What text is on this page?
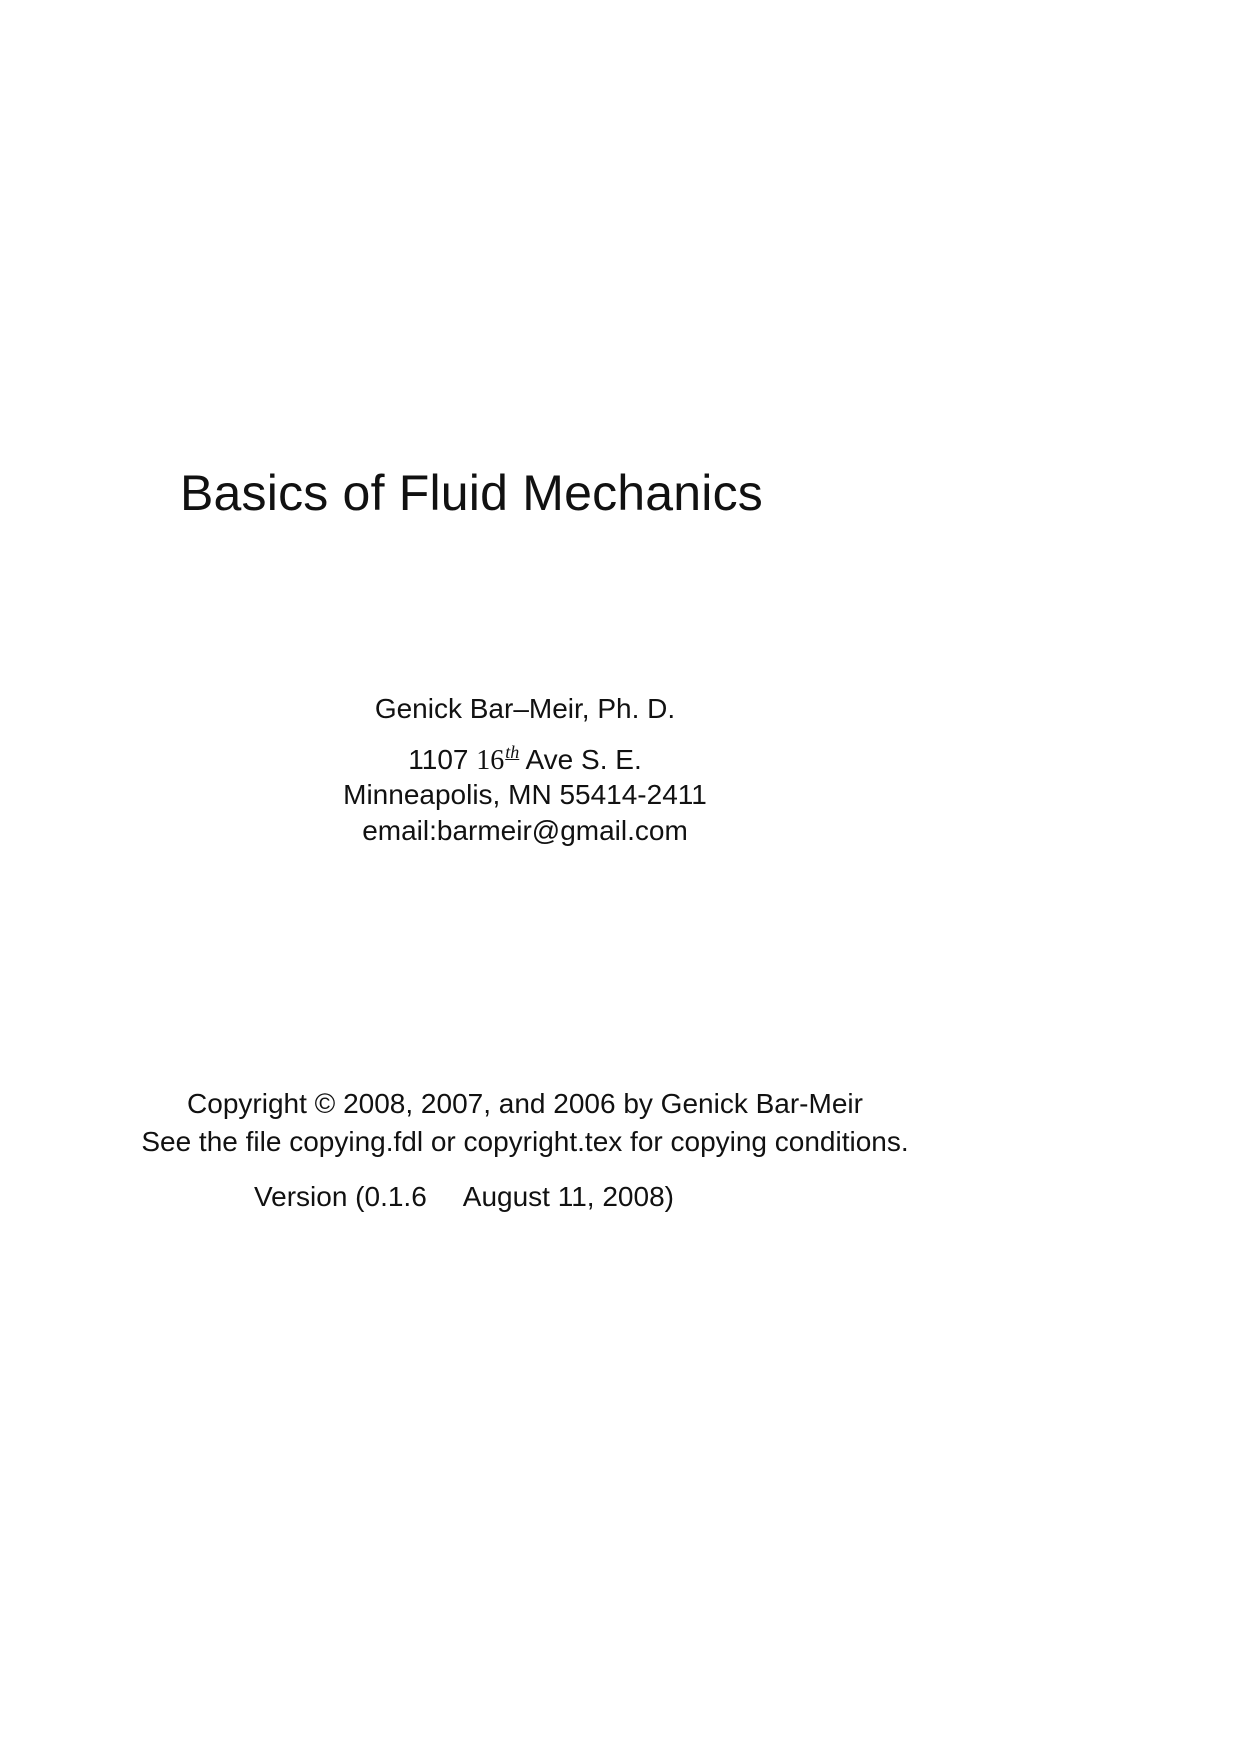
Basics of Fluid Mechanics
Genick Bar–Meir, Ph. D.
1107 16th Ave S. E.
Minneapolis, MN 55414-2411
email:barmeir@gmail.com
Copyright © 2008, 2007, and 2006 by Genick Bar-Meir
See the file copying.fdl or copyright.tex for copying conditions.
Version (0.1.6 August 11, 2008)
